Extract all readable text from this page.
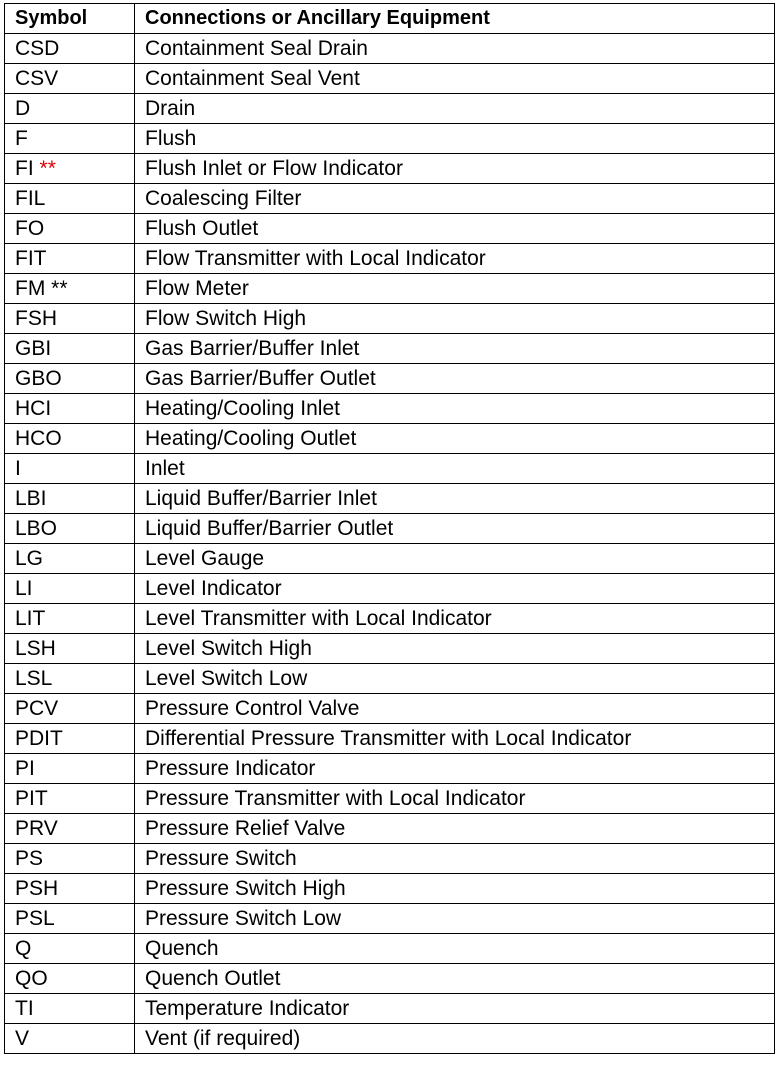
Symbol	Connections or Ancillary Equipment
CSD	Containment Seal Drain
CSV	Containment Seal Vent
D	Drain
F	Flush
FI **	Flush Inlet or Flow Indicator
FIL	Coalescing Filter
FO	Flush Outlet
FIT	Flow Transmitter with Local Indicator
FM **	Flow Meter
FSH	Flow Switch High
GBI	Gas Barrier/Buffer Inlet
GBO	Gas Barrier/Buffer Outlet
HCI	Heating/Cooling Inlet
HCO	Heating/Cooling Outlet
I	Inlet
LBI	Liquid Buffer/Barrier Inlet
LBO	Liquid Buffer/Barrier Outlet
LG	Level Gauge
LI	Level Indicator
LIT	Level Transmitter with Local Indicator
LSH	Level Switch High
LSL	Level Switch Low
PCV	Pressure Control Valve
PDIT	Differential Pressure Transmitter with Local Indicator
PI	Pressure Indicator
PIT	Pressure Transmitter with Local Indicator
PRV	Pressure Relief Valve
PS	Pressure Switch
PSH	Pressure Switch High
PSL	Pressure Switch Low
Q	Quench
QO	Quench Outlet
TI	Temperature Indicator
V	Vent (if required)
